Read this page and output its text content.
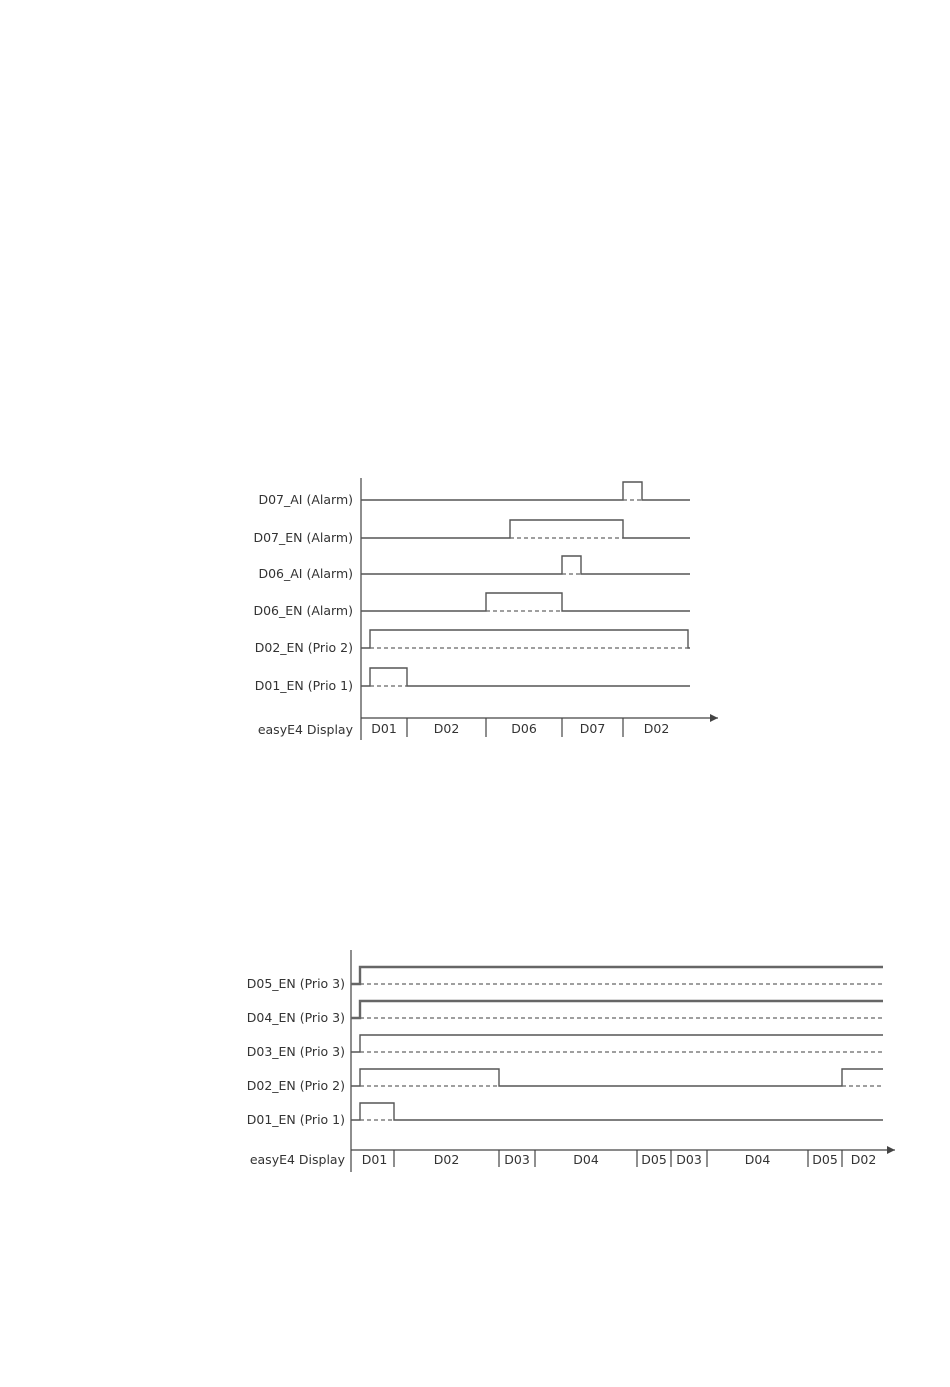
D07_AI (Alarm)
D07_EN (Alarm)
D06_AI (Alarm)
D06_EN (Alarm)
D02_EN (Prio 2)
D01_EN (Prio 1)
easyE4 Display D01	D02	D06	D07	D02
D05_EN (Prio 3)
D04_EN (Prio 3)
D03_EN (Prio 3)
D02_EN (Prio 2)
D01_EN (Prio 1)
easyE4 Display D01	D02	D03	D04	D05 D03	D04	D05 D02
